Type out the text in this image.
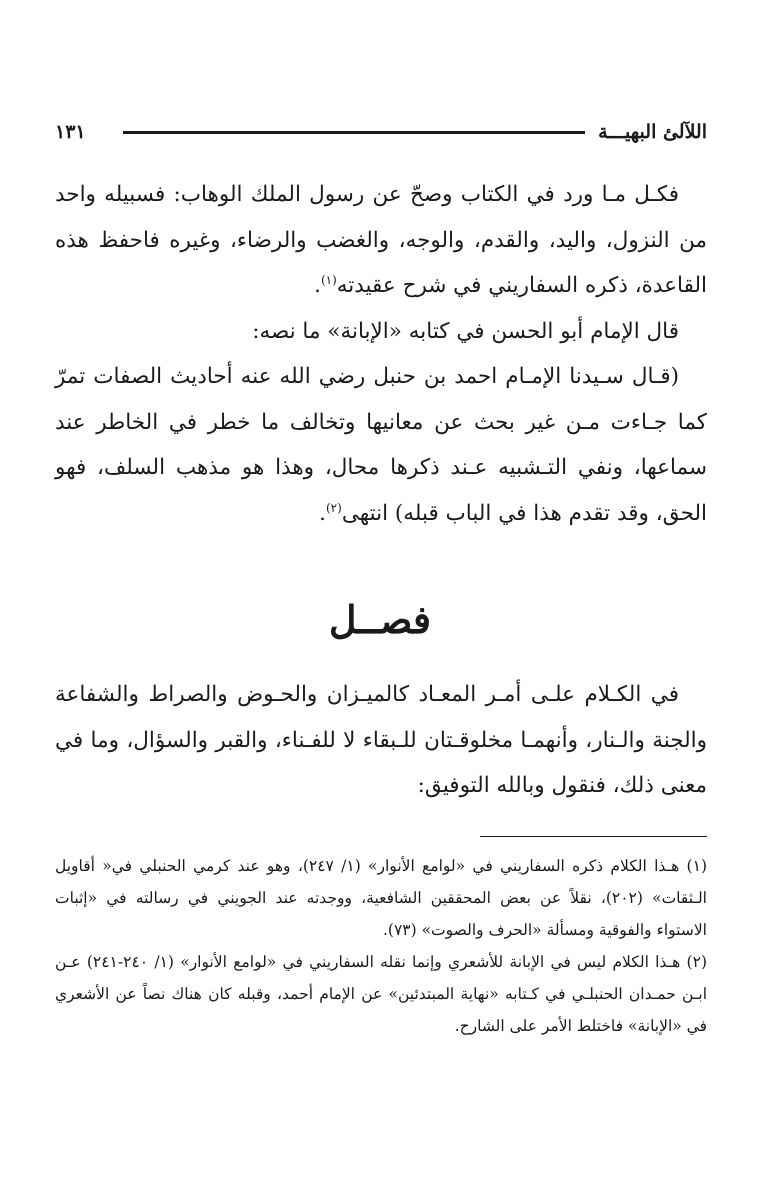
اللآلئ البهيـــة
١٣١

فكـل مـا ورد في الكتاب وصحّ عن رسول الملك الوهاب: فسبيله واحد من النزول، واليد، والقدم، والوجه، والغضب والرضاء، وغيره فاحفظ هذه القاعدة، ذكره السفاريني في شرح عقيدته$^{(١)}$.

قال الإمام أبو الحسن في كتابه «الإبانة» ما نصه:

(قـال سـيدنا الإمـام احمد بن حنبل رضي الله عنه أحاديث الصفات تمرّ كما جـاءت مـن غير بحث عن معانيها وتخالف ما خطر في الخاطر عند سماعها، ونفي التـشبيه عـند ذكرها محال، وهذا هو مذهب السلف، فهو الحق، وقد تقدم هذا في الباب قبله) انتهى$^{(٢)}$.

فصــل

في الكـلام علـى أمـر المعـاد كالميـزان والحـوض والصراط والشفاعة والجنة والـنار، وأنهمـا مخلوقـتان للـبقاء لا للفـناء، والقبر والسؤال، وما في معنى ذلك، فنقول وبالله التوفيق:

(١) هـذا الكلام ذكره السفاريني في «لوامع الأنوار» (١/ ٢٤٧)، وهو عند كرمي الحنبلي في« أقاويل الـثقات» (٢٠٢)، نقلاً عن بعض المحققين الشافعية، ووجدته عند الجويني في رسالته في «إثبات الاستواء والفوقية ومسألة «الحرف والصوت» (٧٣).

(٢) هـذا الكلام ليس في الإبانة للأشعري وإنما نقله السفاريني في «لوامع الأنوار» (١/ ٢٤٠-٢٤١) عـن ابـن حمـدان الحنبلـي في كـتابه «نهاية المبتدئين» عن الإمام أحمد، وقبله كان هناك نصاً عن الأشعري في «الإبانة» فاختلط الأمر على الشارح.
